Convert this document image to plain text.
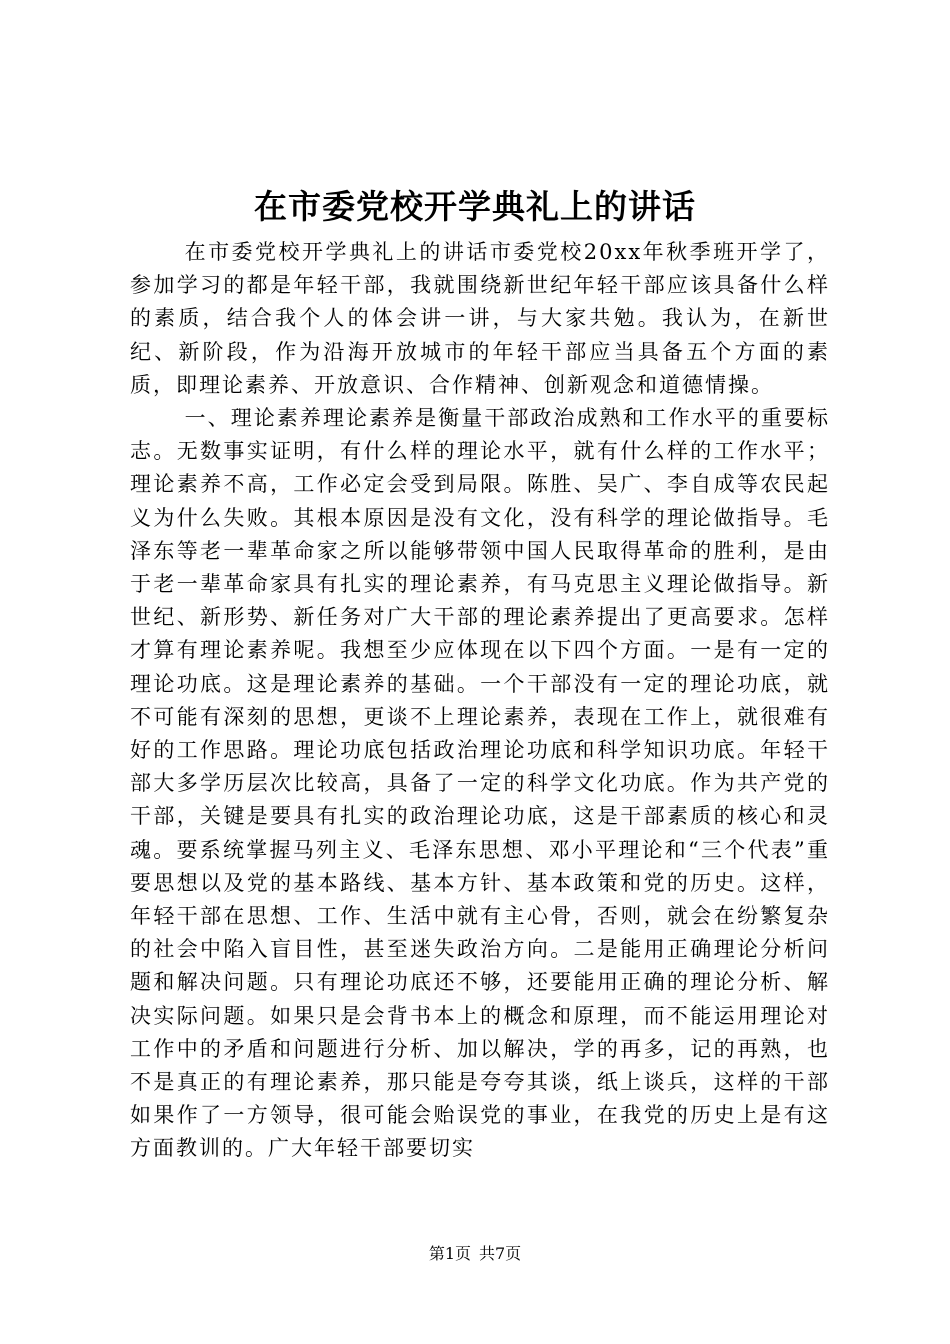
在市委党校开学典礼上的讲话

在市委党校开学典礼上的讲话市委党校20xx年秋季班开学了，参加学习的都是年轻干部，我就围绕新世纪年轻干部应该具备什么样的素质，结合我个人的体会讲一讲，与大家共勉。我认为，在新世纪、新阶段，作为沿海开放城市的年轻干部应当具备五个方面的素质，即理论素养、开放意识、合作精神、创新观念和道德情操。

一、理论素养理论素养是衡量干部政治成熟和工作水平的重要标志。无数事实证明，有什么样的理论水平，就有什么样的工作水平；理论素养不高，工作必定会受到局限。陈胜、吴广、李自成等农民起义为什么失败。其根本原因是没有文化，没有科学的理论做指导。毛泽东等老一辈革命家之所以能够带领中国人民取得革命的胜利，是由于老一辈革命家具有扎实的理论素养，有马克思主义理论做指导。新世纪、新形势、新任务对广大干部的理论素养提出了更高要求。怎样才算有理论素养呢。我想至少应体现在以下四个方面。一是有一定的理论功底。这是理论素养的基础。一个干部没有一定的理论功底，就不可能有深刻的思想，更谈不上理论素养，表现在工作上，就很难有好的工作思路。理论功底包括政治理论功底和科学知识功底。年轻干部大多学历层次比较高，具备了一定的科学文化功底。作为共产党的干部，关键是要具有扎实的政治理论功底，这是干部素质的核心和灵魂。要系统掌握马列主义、毛泽东思想、邓小平理论和“三个代表”重要思想以及党的基本路线、基本方针、基本政策和党的历史。这样，年轻干部在思想、工作、生活中就有主心骨，否则，就会在纷繁复杂的社会中陷入盲目性，甚至迷失政治方向。二是能用正确理论分析问题和解决问题。只有理论功底还不够，还要能用正确的理论分析、解决实际问题。如果只是会背书本上的概念和原理，而不能运用理论对工作中的矛盾和问题进行分析、加以解决，学的再多，记的再熟，也不是真正的有理论素养，那只能是夸夸其谈，纸上谈兵，这样的干部如果作了一方领导，很可能会贻误党的事业，在我党的历史上是有这方面教训的。广大年轻干部要切实

第1页 共7页
